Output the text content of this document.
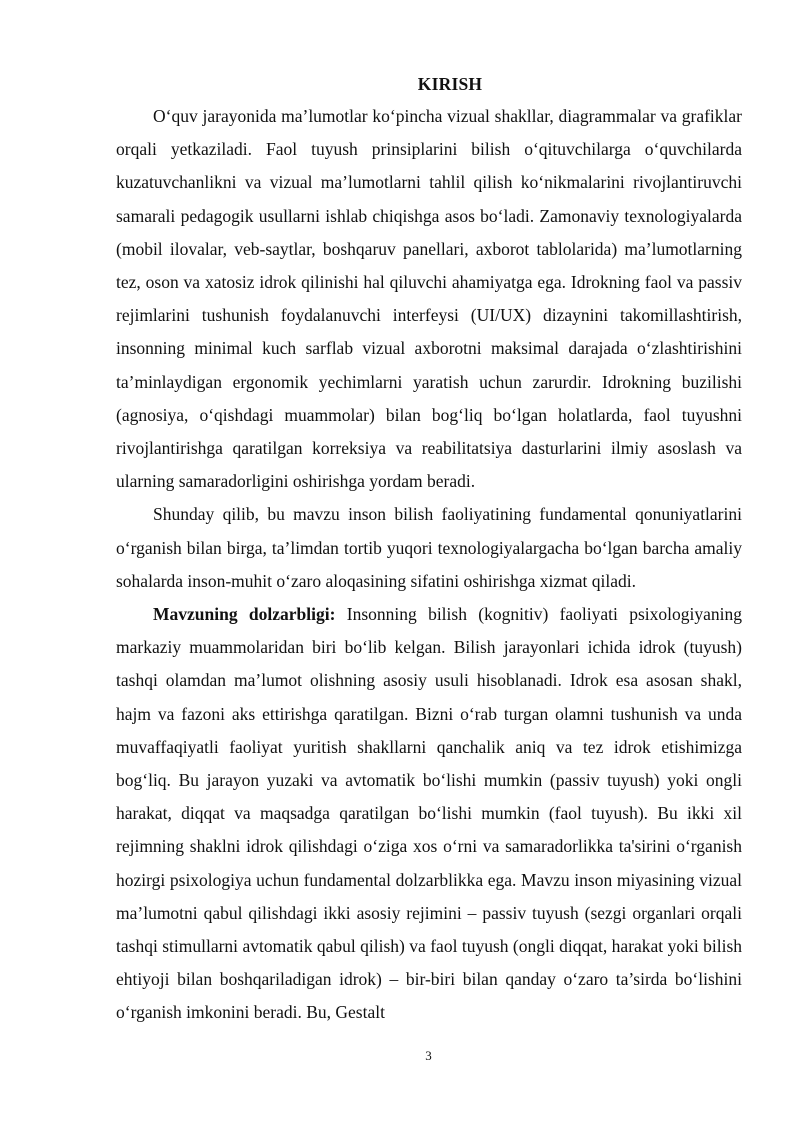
KIRISH

O‘quv jarayonida ma’lumotlar ko‘pincha vizual shakllar, diagrammalar va grafiklar orqali yetkaziladi. Faol tuyush prinsiplarini bilish o‘qituvchilarga o‘quvchilarda kuzatuvchanlikni va vizual ma’lumotlarni tahlil qilish ko‘nikmalarini rivojlantiruvchi samarali pedagogik usullarni ishlab chiqishga asos bo‘ladi. Zamonaviy texnologiyalarda (mobil ilovalar, veb-saytlar, boshqaruv panellari, axborot tablolarida) ma’lumotlarning tez, oson va xatosiz idrok qilinishi hal qiluvchi ahamiyatga ega. Idrokning faol va passiv rejimlarini tushunish foydalanuvchi interfeysi (UI/UX) dizaynini takomillashtirish, insonning minimal kuch sarflab vizual axborotni maksimal darajada o‘zlashtirishini ta’minlaydigan ergonomik yechimlarni yaratish uchun zarurdir. Idrokning buzilishi (agnosiya, o‘qishdagi muammolar) bilan bog‘liq bo‘lgan holatlarda, faol tuyushni rivojlantirishga qaratilgan korreksiya va reabilitatsiya dasturlarini ilmiy asoslash va ularning samaradorligini oshirishga yordam beradi.

Shunday qilib, bu mavzu inson bilish faoliyatining fundamental qonuniyatlarini o‘rganish bilan birga, ta’limdan tortib yuqori texnologiyalargacha bo‘lgan barcha amaliy sohalarda inson-muhit o‘zaro aloqasining sifatini oshirishga xizmat qiladi.

Mavzuning dolzarbligi: Insonning bilish (kognitiv) faoliyati psixologiyaning markaziy muammolaridan biri bo‘lib kelgan. Bilish jarayonlari ichida idrok (tuyush) tashqi olamdan ma’lumot olishning asosiy usuli hisoblanadi. Idrok esa asosan shakl, hajm va fazoni aks ettirishga qaratilgan. Bizni o‘rab turgan olamni tushunish va unda muvaffaqiyatli faoliyat yuritish shakllarni qanchalik aniq va tez idrok etishimizga bog‘liq. Bu jarayon yuzaki va avtomatik bo‘lishi mumkin (passiv tuyush) yoki ongli harakat, diqqat va maqsadga qaratilgan bo‘lishi mumkin (faol tuyush). Bu ikki xil rejimning shaklni idrok qilishdagi o‘ziga xos o‘rni va samaradorlikka ta'sirini o‘rganish hozirgi psixologiya uchun fundamental dolzarblikka ega. Mavzu inson miyasining vizual ma’lumotni qabul qilishdagi ikki asosiy rejimini – passiv tuyush (sezgi organlari orqali tashqi stimullarni avtomatik qabul qilish) va faol tuyush (ongli diqqat, harakat yoki bilish ehtiyoji bilan boshqariladigan idrok) – bir-biri bilan qanday o‘zaro ta’sirda bo‘lishini o‘rganish imkonini beradi. Bu, Gestalt

3
